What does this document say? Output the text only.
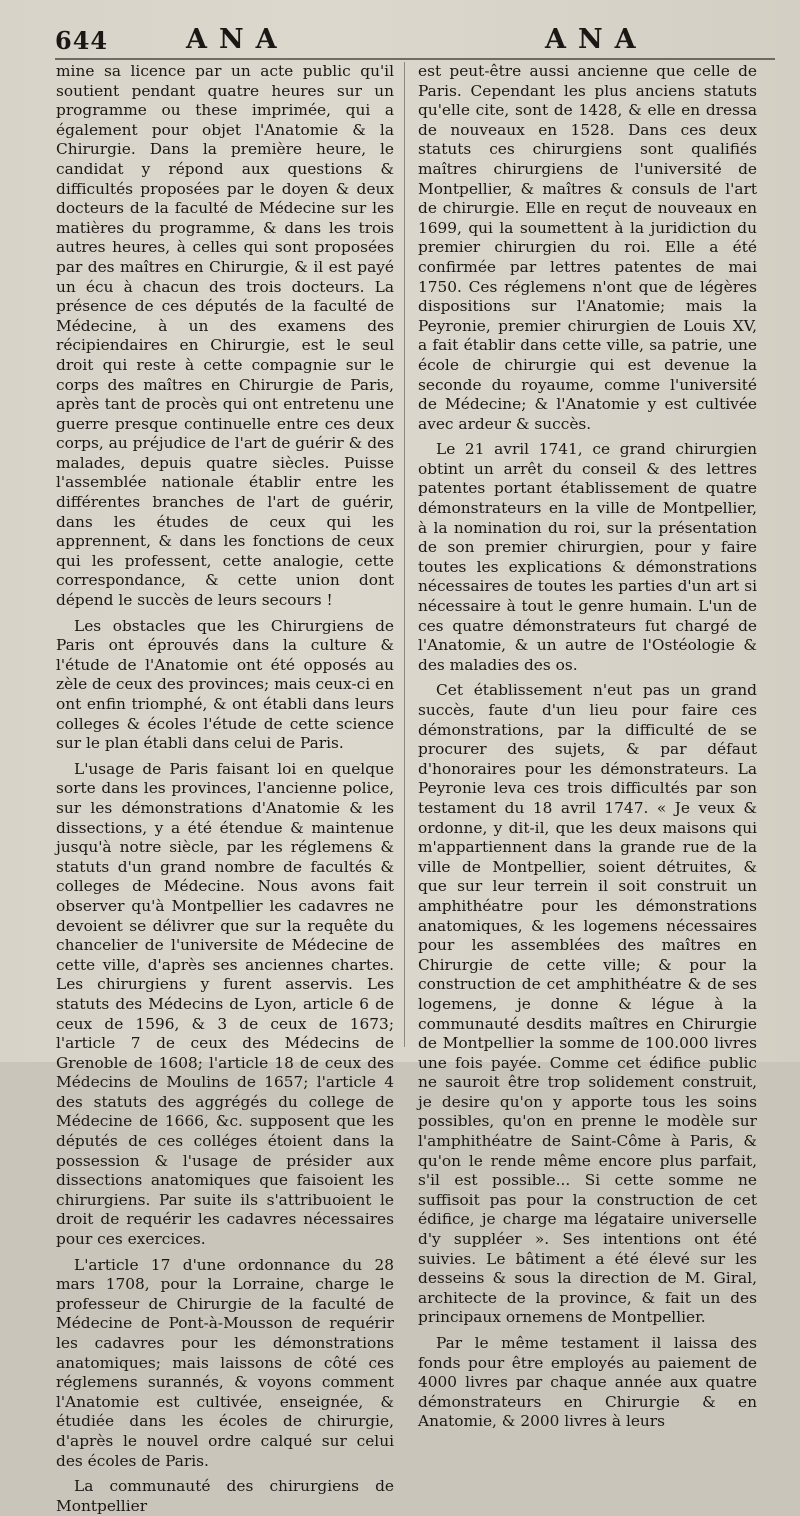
644	ANA	ANA

mine sa licence par un acte public qu'il soutient pendant quatre heures sur un programme ou these imprimée, qui a également pour objet l'Anatomie & la Chirurgie. Dans la première heure, le candidat y répond aux questions & difficultés proposées par le doyen & deux docteurs de la faculté de Médecine sur les matières du programme, & dans les trois autres heures, à celles qui sont proposées par des maîtres en Chirurgie, & il est payé un écu à chacun des trois docteurs. La présence de ces députés de la faculté de Médecine, à un des examens des récipiendaires en Chirurgie, est le seul droit qui reste à cette compagnie sur le corps des maîtres en Chirurgie de Paris, après tant de procès qui ont entretenu une guerre presque continuelle entre ces deux corps, au préjudice de l'art de guérir & des malades, depuis quatre siècles. Puisse l'assemblée nationale établir entre les différentes branches de l'art de guérir, dans les études de ceux qui les apprennent, & dans les fonctions de ceux qui les professent, cette analogie, cette correspondance, & cette union dont dépend le succès de leurs secours !

Les obstacles que les Chirurgiens de Paris ont éprouvés dans la culture & l'étude de l'Anatomie ont été opposés au zèle de ceux des provinces; mais ceux-ci en ont enfin triomphé, & ont établi dans leurs colleges & écoles l'étude de cette science sur le plan établi dans celui de Paris.

L'usage de Paris faisant loi en quelque sorte dans les provinces, l'ancienne police, sur les démonstrations d'Anatomie & les dissections, y a été étendue & maintenue jusqu'à notre siècle, par les réglemens & statuts d'un grand nombre de facultés & colleges de Médecine. Nous avons fait observer qu'à Montpellier les cadavres ne devoient se délivrer que sur la requête du chancelier de l'universite de Médecine de cette ville, d'après ses anciennes chartes. Les chirurgiens y furent asservis. Les statuts des Médecins de Lyon, article 6 de ceux de 1596, & 3 de ceux de 1673; l'article 7 de ceux des Médecins de Grenoble de 1608; l'article 18 de ceux des Médecins de Moulins de 1657; l'article 4 des statuts des aggrégés du college de Médecine de 1666, &c. supposent que les députés de ces colléges étoient dans la possession & l'usage de présider aux dissections anatomiques que faisoient les chirurgiens. Par suite ils s'attribuoient le droit de requérir les cadavres nécessaires pour ces exercices.

L'article 17 d'une ordonnance du 28 mars 1708, pour la Lorraine, charge le professeur de Chirurgie de la faculté de Médecine de Pont-à-Mousson de requérir les cadavres pour les démonstrations anatomiques; mais laissons de côté ces réglemens surannés, & voyons comment l'Anatomie est cultivée, enseignée, & étudiée dans les écoles de chirurgie, d'après le nouvel ordre calqué sur celui des écoles de Paris.

La communauté des chirurgiens de Montpellier

est peut-être aussi ancienne que celle de Paris. Cependant les plus anciens statuts qu'elle cite, sont de 1428, & elle en dressa de nouveaux en 1528. Dans ces deux statuts ces chirurgiens sont qualifiés maîtres chirurgiens de l'université de Montpellier, & maîtres & consuls de l'art de chirurgie. Elle en reçut de nouveaux en 1699, qui la soumettent à la juridiction du premier chirurgien du roi. Elle a été confirmée par lettres patentes de mai 1750. Ces réglemens n'ont que de légères dispositions sur l'Anatomie; mais la Peyronie, premier chirurgien de Louis XV, a fait établir dans cette ville, sa patrie, une école de chirurgie qui est devenue la seconde du royaume, comme l'université de Médecine; & l'Anatomie y est cultivée avec ardeur & succès.

Le 21 avril 1741, ce grand chirurgien obtint un arrêt du conseil & des lettres patentes portant établissement de quatre démonstrateurs en la ville de Montpellier, à la nomination du roi, sur la présentation de son premier chirurgien, pour y faire toutes les explications & démonstrations nécessaires de toutes les parties d'un art si nécessaire à tout le genre humain. L'un de ces quatre démonstrateurs fut chargé de l'Anatomie, & un autre de l'Ostéologie & des maladies des os.

Cet établissement n'eut pas un grand succès, faute d'un lieu pour faire ces démonstrations, par la difficulté de se procurer des sujets, & par défaut d'honoraires pour les démonstrateurs. La Peyronie leva ces trois difficultés par son testament du 18 avril 1747. « Je veux & ordonne, y dit-il, que les deux maisons qui m'appartiennent dans la grande rue de la ville de Montpellier, soient détruites, & que sur leur terrein il soit construit un amphithéatre pour les démonstrations anatomiques, & les logemens nécessaires pour les assemblées des maîtres en Chirurgie de cette ville; & pour la construction de cet amphithéatre & de ses logemens, je donne & légue à la communauté desdits maîtres en Chirurgie de Montpellier la somme de 100.000 livres une fois payée. Comme cet édifice public ne sauroit être trop solidement construit, je desire qu'on y apporte tous les soins possibles, qu'on en prenne le modèle sur l'amphithéatre de Saint-Côme à Paris, & qu'on le rende même encore plus parfait, s'il est possible... Si cette somme ne suffisoit pas pour la construction de cet édifice, je charge ma légataire universelle d'y suppléer ». Ses intentions ont été suivies. Le bâtiment a été élevé sur les desseins & sous la direction de M. Giral, architecte de la province, & fait un des principaux ornemens de Montpellier.

Par le même testament il laissa des fonds pour être employés au paiement de 4000 livres par chaque année aux quatre démonstrateurs en Chirurgie & en Anatomie, & 2000 livres à leurs
